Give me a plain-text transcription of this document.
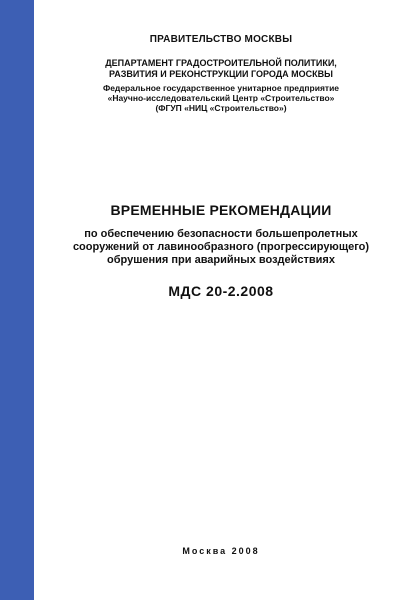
ПРАВИТЕЛЬСТВО МОСКВЫ
ДЕПАРТАМЕНТ ГРАДОСТРОИТЕЛЬНОЙ ПОЛИТИКИ,
РАЗВИТИЯ И РЕКОНСТРУКЦИИ ГОРОДА МОСКВЫ
Федеральное государственное унитарное предприятие
«Научно-исследовательский Центр «Строительство»
(ФГУП «НИЦ «Строительство»)
ВРЕМЕННЫЕ РЕКОМЕНДАЦИИ
по обеспечению безопасности большепролетных
сооружений от лавинообразного (прогрессирующего)
обрушения при аварийных воздействиях
МДС 20-2.2008
Москва 2008
